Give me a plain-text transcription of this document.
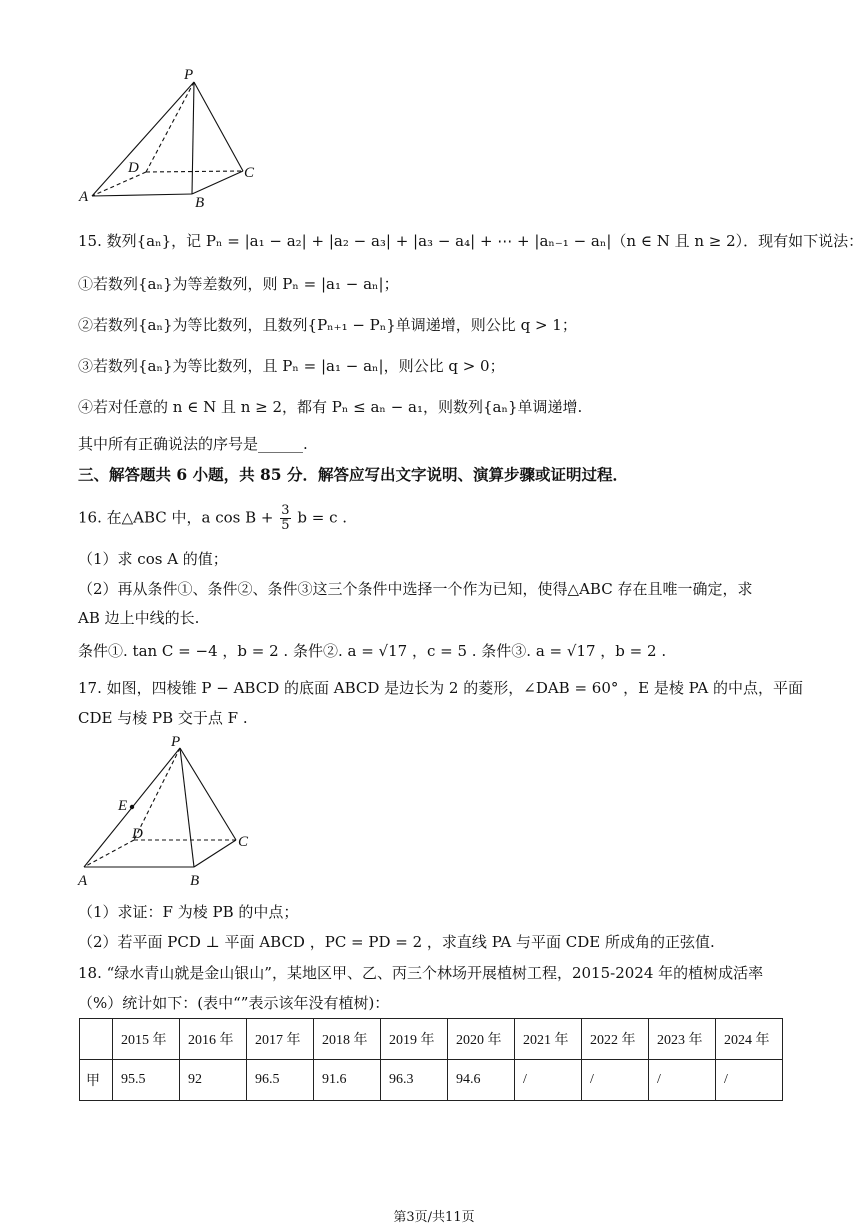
P
D	C
A	B
15. 数列{aₙ}，记 Pₙ = |a₁ − a₂| + |a₂ − a₃| + |a₃ − a₄| + ⋯ + |aₙ₋₁ − aₙ|（n ∈ N 且 n ≥ 2）．现有如下说法：
①若数列{aₙ}为等差数列，则 Pₙ = |a₁ − aₙ|；
②若数列{aₙ}为等比数列，且数列{Pₙ₊₁ − Pₙ}单调递增，则公比 q > 1；
③若数列{aₙ}为等比数列，且 Pₙ = |a₁ − aₙ|，则公比 q > 0；
④若对任意的 n ∈ N 且 n ≥ 2，都有 Pₙ ≤ aₙ − a₁，则数列{aₙ}单调递增.
其中所有正确说法的序号是______.
三、解答题共 6 小题，共 85 分．解答应写出文字说明、演算步骤或证明过程．
16. 在△ABC 中，a $\cos B + \frac{3}{5}$ b = c .
（1）求 cos A 的值；
（2）再从条件①、条件②、条件③这三个条件中选择一个作为已知，使得△ABC 存在且唯一确定，求
AB 边上中线的长.
条件①. tan C = −4 ，b = 2 . 条件②. a = √17 ，c = 5 . 条件③. a = √17 ，b = 2 .
17. 如图，四棱锥 P − ABCD 的底面 ABCD 是边长为 2 的菱形，∠DAB = 60° ，E 是棱 PA 的中点，平面
CDE 与棱 PB 交于点 F .
P
E
D	C
A	B
（1）求证：F 为棱 PB 的中点；
（2）若平面 PCD ⊥ 平面 ABCD ，PC = PD = 2 ，求直线 PA 与平面 CDE 所成角的正弦值.
18. “绿水青山就是金山银山”，某地区甲、乙、丙三个林场开展植树工程，2015-2024 年的植树成活率
（%）统计如下：(表中“”表示该年没有植树)：
	2015 年	2016 年	2017 年	2018 年	2019 年	2020 年	2021 年	2022 年	2023 年	2024 年
甲	95.5	92	96.5	91.6	96.3	94.6	/	/	/	/
第3页/共11页
